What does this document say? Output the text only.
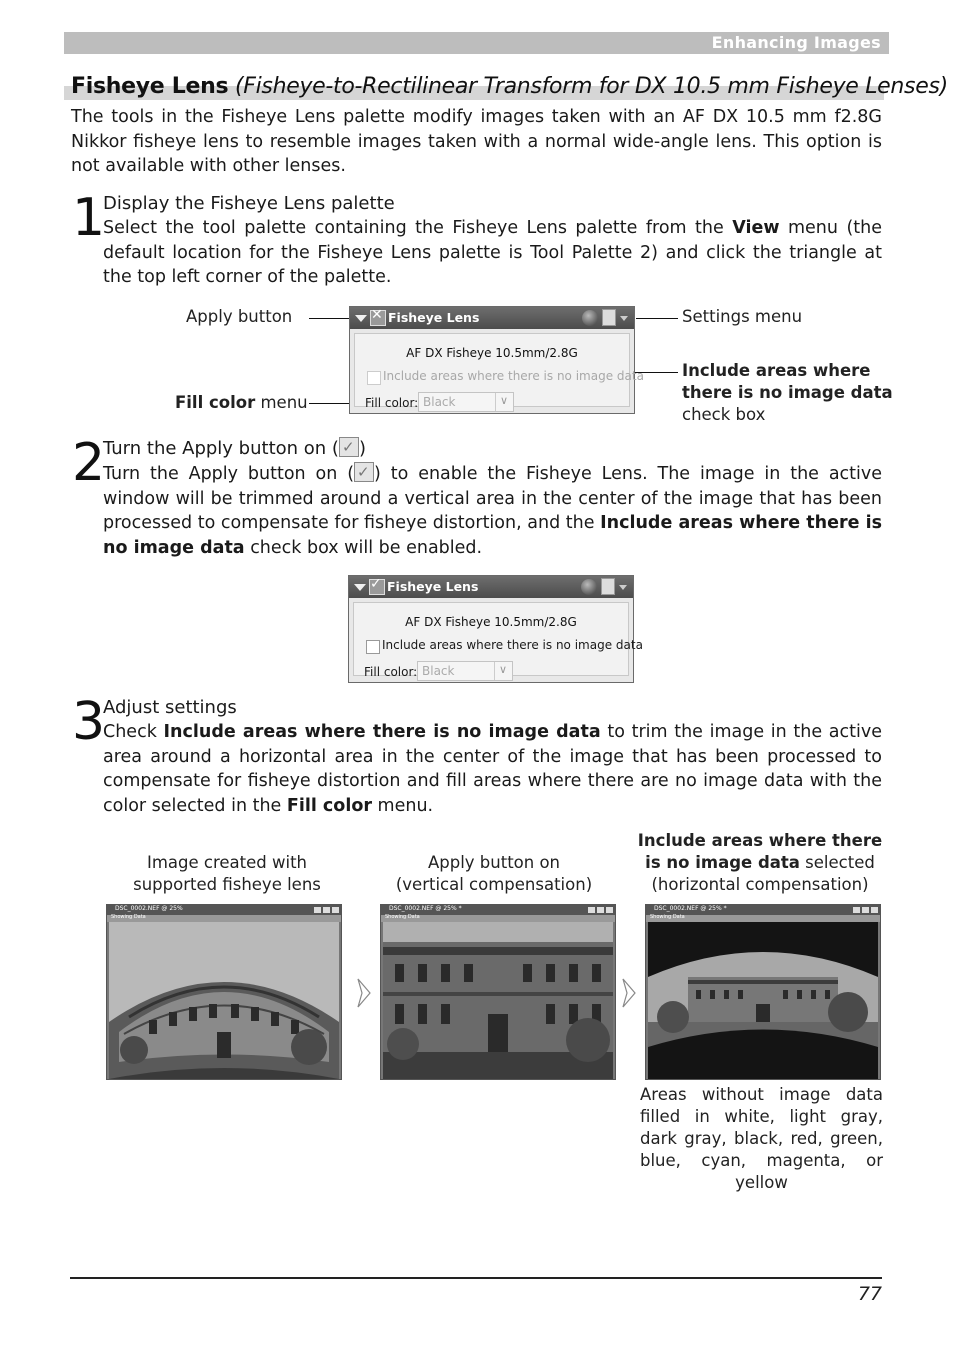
Enhancing Images
Fisheye Lens (Fisheye-to-Rectilinear Transform for DX 10.5 mm Fisheye Lenses)
The tools in the Fisheye Lens palette modify images taken with an AF DX 10.5 mm f2.8G Nikkor fisheye lens to resemble images taken with a normal wide-angle lens. This option is not available with other lenses.
1
Display the Fisheye Lens palette
Select the tool palette containing the Fisheye Lens palette from the View menu (the default location for the Fisheye Lens palette is Tool Palette 2) and click the triangle at the top left corner of the palette.
Apply button
Fill color menu
Settings menu
Include areas where
there is no image data
check box
✕ Fisheye Lens
AF DX Fisheye 10.5mm/2.8G
Include areas where there is no image data
Fill color: Black
∨
2
Turn the Apply button on ( ✓ )
Turn the Apply button on ( ✓ ) to enable the Fisheye Lens. The image in the active window will be trimmed around a vertical area in the center of the image that has been processed to compensate for fisheye distortion, and the Include areas where there is no image data check box will be enabled.
✓ Fisheye Lens
AF DX Fisheye 10.5mm/2.8G
Include areas where there is no image data
Fill color: Black
∨
3
Adjust settings
Check Include areas where there is no image data to trim the image in the active area around a horizontal area in the center of the image that has been processed to compensate for fisheye distortion and fill areas where there are no image data with the color selected in the Fill color menu.
Image created with
supported fisheye lens
Apply button on
(vertical compensation)
Include areas where there
is no image data selected
(horizontal compensation)
DSC_0002.NEF @ 25%
Showing Data
DSC_0002.NEF @ 25% *
Showing Data
DSC_0002.NEF @ 25% *
Showing Data
Areas without image data filled in white, light gray, dark gray, black, red, green, blue, cyan, magenta, or yellow
77
